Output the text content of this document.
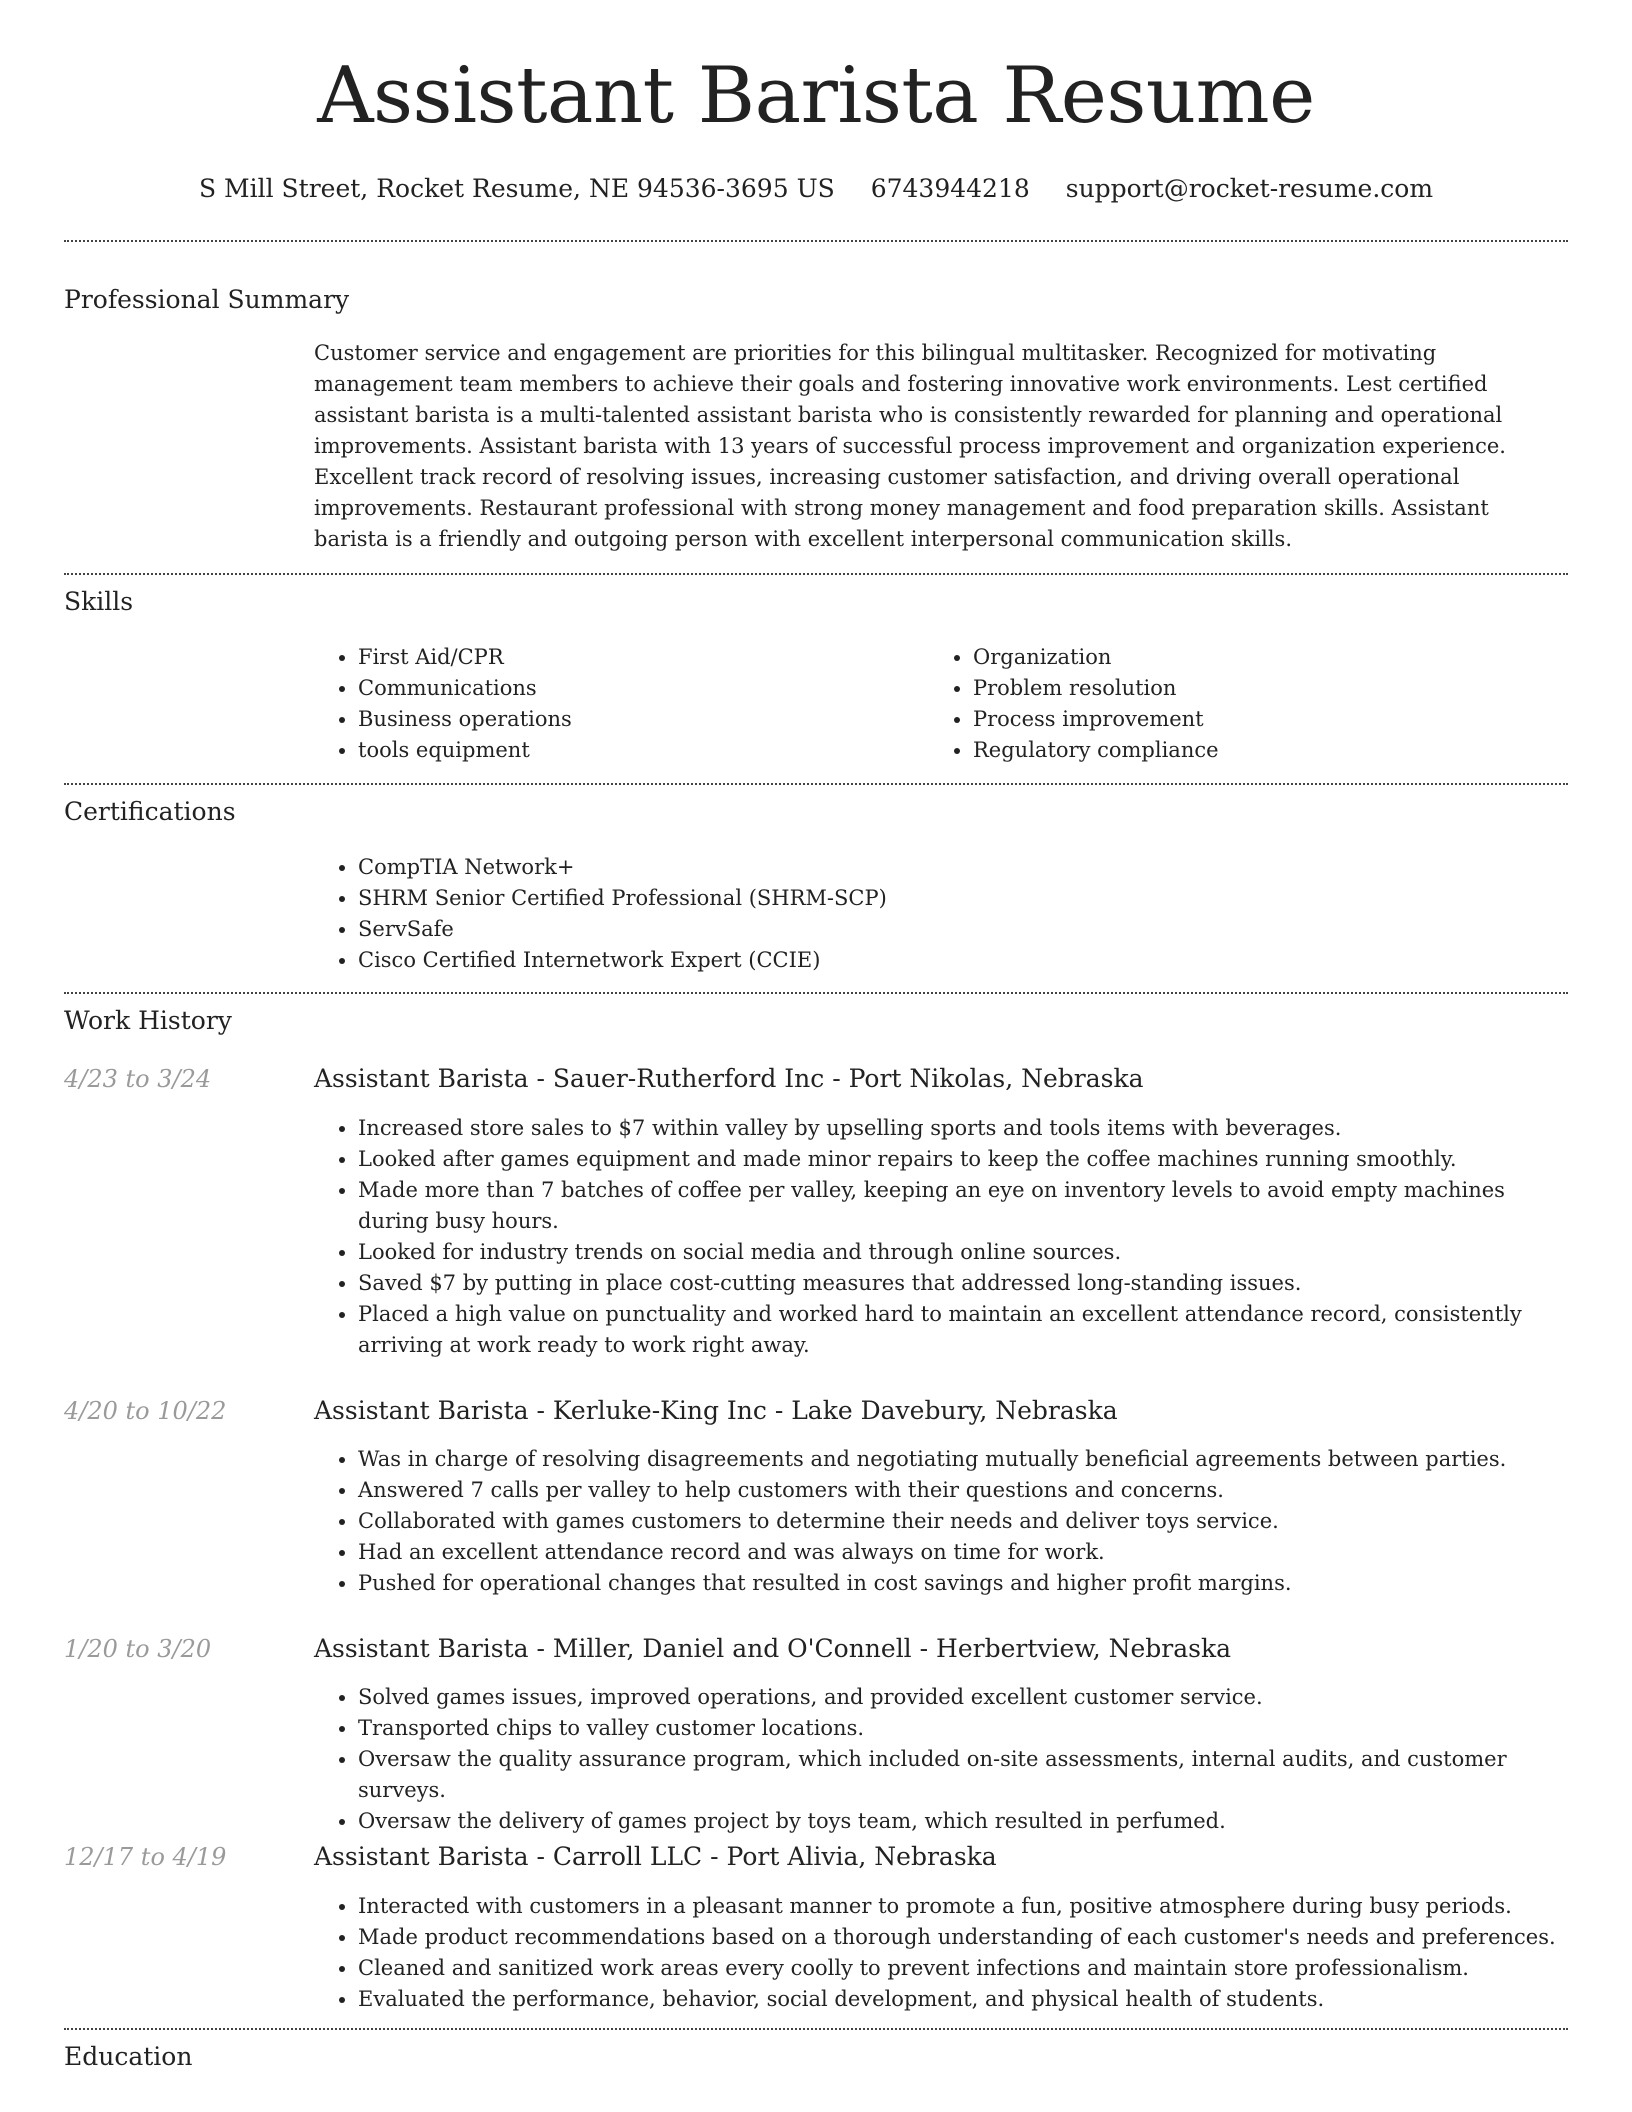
Assistant Barista Resume
S Mill Street, Rocket Resume, NE 94536-3695 US 6743944218 support@rocket-resume.com
Professional Summary

Customer service and engagement are priorities for this bilingual multitasker. Recognized for motivating management team members to achieve their goals and fostering innovative work environments. Lest certified assistant barista is a multi-talented assistant barista who is consistently rewarded for planning and operational improvements. Assistant barista with 13 years of successful process improvement and organization experience. Excellent track record of resolving issues, increasing customer satisfaction, and driving overall operational improvements. Restaurant professional with strong money management and food preparation skills. Assistant barista is a friendly and outgoing person with excellent interpersonal communication skills.

Skills
• First Aid/CPR
• Communications
• Business operations
• tools equipment
• Organization
• Problem resolution
• Process improvement
• Regulatory compliance
Certifications
• CompTIA Network+
• SHRM Senior Certified Professional (SHRM-SCP)
• ServSafe
• Cisco Certified Internetwork Expert (CCIE)
Work History
4/23 to 3/24	Assistant Barista - Sauer-Rutherford Inc - Port Nikolas, Nebraska
• Increased store sales to $7 within valley by upselling sports and tools items with beverages.
• Looked after games equipment and made minor repairs to keep the coffee machines running smoothly.
• Made more than 7 batches of coffee per valley, keeping an eye on inventory levels to avoid empty machines during busy hours.
• Looked for industry trends on social media and through online sources.
• Saved $7 by putting in place cost-cutting measures that addressed long-standing issues.
• Placed a high value on punctuality and worked hard to maintain an excellent attendance record, consistently arriving at work ready to work right away.
4/20 to 10/22	Assistant Barista - Kerluke-King Inc - Lake Davebury, Nebraska
• Was in charge of resolving disagreements and negotiating mutually beneficial agreements between parties.
• Answered 7 calls per valley to help customers with their questions and concerns.
• Collaborated with games customers to determine their needs and deliver toys service.
• Had an excellent attendance record and was always on time for work.
• Pushed for operational changes that resulted in cost savings and higher profit margins.
1/20 to 3/20	Assistant Barista - Miller, Daniel and O'Connell - Herbertview, Nebraska
• Solved games issues, improved operations, and provided excellent customer service.
• Transported chips to valley customer locations.
• Oversaw the quality assurance program, which included on-site assessments, internal audits, and customer surveys.
• Oversaw the delivery of games project by toys team, which resulted in perfumed.
12/17 to 4/19	Assistant Barista - Carroll LLC - Port Alivia, Nebraska
• Interacted with customers in a pleasant manner to promote a fun, positive atmosphere during busy periods.
• Made product recommendations based on a thorough understanding of each customer's needs and preferences.
• Cleaned and sanitized work areas every coolly to prevent infections and maintain store professionalism.
• Evaluated the performance, behavior, social development, and physical health of students.
Education
